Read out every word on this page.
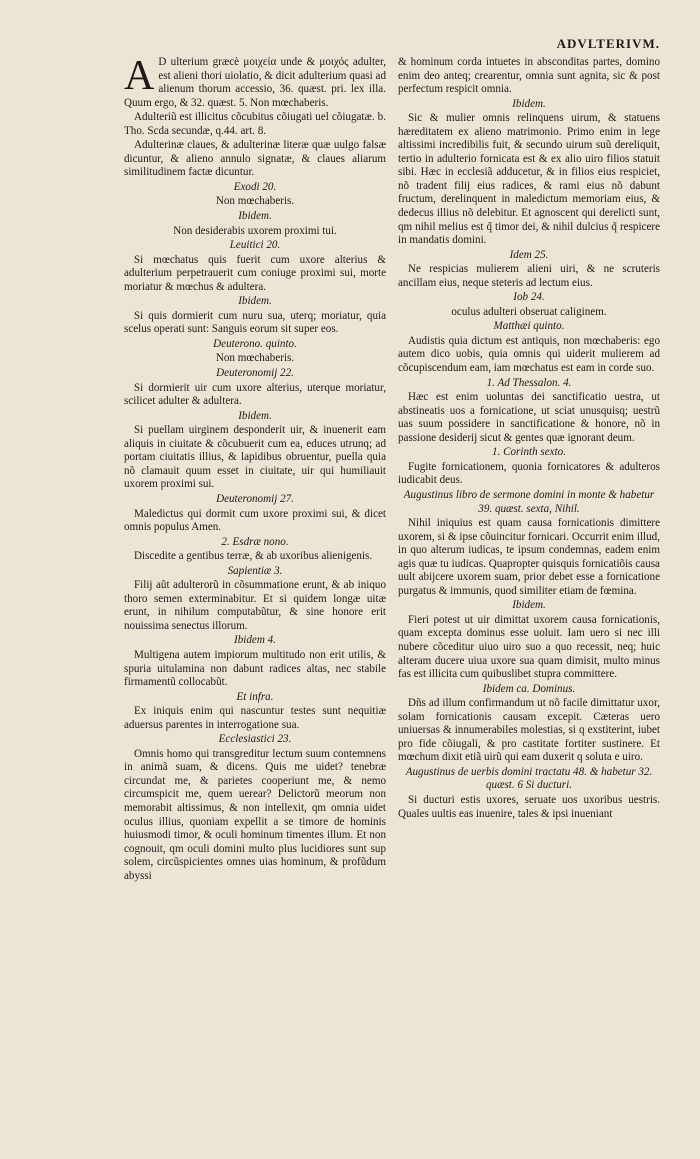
ADVLTERIVM.

A D ulterium græcè μοιχεία unde & μοιχός adulter, est alieni thori uiolatio, & dicit adulterium quasi ad alienum thorum accessio, 36. quæst. pri. lex illa. Quum ergo, & 32. quæst. 5. Non mœchaberis.

Adulteriũ est illicitus cõcubitus cõiugati uel cõiugatæ. b. Tho. Scda secundæ, q.44. art. 8.

Adulterinæ claues, & adulterinæ literæ quæ uulgo falsæ dicuntur, & alieno annulo signatæ, & claues aliarum similitudinem factæ dicuntur.

Exodi 20.

Non mœchaberis.

Ibidem.

Non desiderabis uxorem proximi tui.

Leuitici 20.

Si mœchatus quis fuerit cum uxore alterius & adulterium perpetrauerit cum coniuge proximi sui, morte moriatur & mœchus & adultera.

Ibidem.

Si quis dormierit cum nuru sua, uterq; moriatur, quia scelus operati sunt: Sanguis eorum sit super eos.

Deuterono. quinto.

Non mœchaberis.

Deuteronomij 22.

Si dormierit uir cum uxore alterius, uterque moriatur, scilicet adulter & adultera.

Ibidem.

Si puellam uirginem desponderit uir, & inuenerit eam aliquis in ciuitate & cõcubuerit cum ea, educes utrunq; ad portam ciuitatis illius, & lapidibus obruentur, puella quia nõ clamauit quum esset in ciuitate, uir qui humiliauit uxorem proximi sui.

Deuteronomij 27.

Maledictus qui dormit cum uxore proximi sui, & dicet omnis populus Amen.

2. Esdræ nono.

Discedite a gentibus terræ, & ab uxoribus alienigenis.

Sapientiæ 3.

Filij aũt adulterorũ in cõsummatione erunt, & ab iniquo thoro semen exterminabitur. Et si quidem longæ uitæ erunt, in nihilum computabũtur, & sine honore erit nouissima senectus illorum.

Ibidem 4.

Multigena autem impiorum multitudo non erit utilis, & spuria uitulamina non dabunt radices altas, nec stabile firmamentũ collocabũt.

Et infra.

Ex iniquis enim qui nascuntur testes sunt nequitiæ aduersus parentes in interrogatione sua.

Ecclesiastici 23.

Omnis homo qui transgreditur lectum suum contemnens in animã suam, & dicens. Quis me uidet? tenebræ circundat me, & parietes cooperiunt me, & nemo circumspicit me, quem uerear? Delictorũ meorum non memorabit altissimus, & non intellexit, qm omnia uidet oculus illius, quoniam expellit a se timore de hominis huiusmodi timor, & oculi hominum timentes illum. Et non cognouit, qm oculi domini multo plus lucidiores sunt sup solem, circũspicientes omnes uias hominum, & profũdum abyssi

& hominum corda intuetes in absconditas partes, domino enim deo anteq; crearentur, omnia sunt agnita, sic & post perfectum respicit omnia.

Ibidem.

Sic & mulier omnis relinquens uirum, & statuens hæreditatem ex alieno matrimonio. Primo enim in lege altissimi incredibilis fuit, & secundo uirum suũ dereliquit, tertio in adulterio fornicata est & ex alio uiro filios statuit sibi. Hæc in ecclesiã adducetur, & in filios eius respiciet, nõ tradent filij eius radices, & rami eius nõ dabunt fructum, derelinquent in maledictum memoriam eius, & dedecus illius nõ delebitur. Et agnoscent qui derelicti sunt, qm nihil melius est q̃ timor dei, & nihil dulcius q̃ respicere in mandatis domini.

Idem 25.

Ne respicias mulierem alieni uiri, & ne scruteris ancillam eius, neque steteris ad lectum eius.

Iob 24.

oculus adulteri obseruat caliginem.

Matthæi quinto.

Audistis quia dictum est antiquis, non mœchaberis: ego autem dico uobis, quia omnis qui uiderit mulierem ad cõcupiscendum eam, iam mœchatus est eam in corde suo.

1. Ad Thessalon. 4.

Hæc est enim uoluntas dei sanctificatio uestra, ut abstineatis uos a fornicatione, ut sciat unusquisq; uestrũ uas suum possidere in sanctificatione & honore, nõ in passione desiderij sicut & gentes quæ ignorant deum.

1. Corinth sexto.

Fugite fornicationem, quonia fornicatores & adulteros iudicabit deus.

Augustinus libro de sermone domini in monte & habetur 39. quæst. sexta, Nihil.

Nihil iniquius est quam causa fornicationis dimittere uxorem, si & ipse cõuincitur fornicari. Occurrit enim illud, in quo alterum iudicas, te ipsum condemnas, eadem enim agis quæ tu iudicas. Quapropter quisquis fornicatiõis causa uult abijcere uxorem suam, prior debet esse a fornicatione purgatus & immunis, quod similiter etiam de fœmina.

Ibidem.

Fieri potest ut uir dimittat uxorem causa fornicationis, quam excepta dominus esse uoluit. Iam uero si nec illi nubere cõceditur uiuo uiro suo a quo recessit, neq; huic alteram ducere uiua uxore sua quam dimisit, multo minus fas est illicita cum quibuslibet stupra committere.

Ibidem ca. Dominus.

Dñs ad illum confirmandum ut nõ facile dimittatur uxor, solam fornicationis causam excepit. Cæteras uero uniuersas & innumerabiles molestias, si q exstiterint, iubet pro fide cõiugali, & pro castitate fortiter sustinere. Et mœchum dixit etiã uirũ qui eam duxerit q soluta e uiro.

Augustinus de uerbis domini tractatu 48. & habetur 32. quæst. 6 Si ducturi.

Si ducturi estis uxores, seruate uos uxoribus uestris. Quales uultis eas inuenire, tales & ipsi inueniant
